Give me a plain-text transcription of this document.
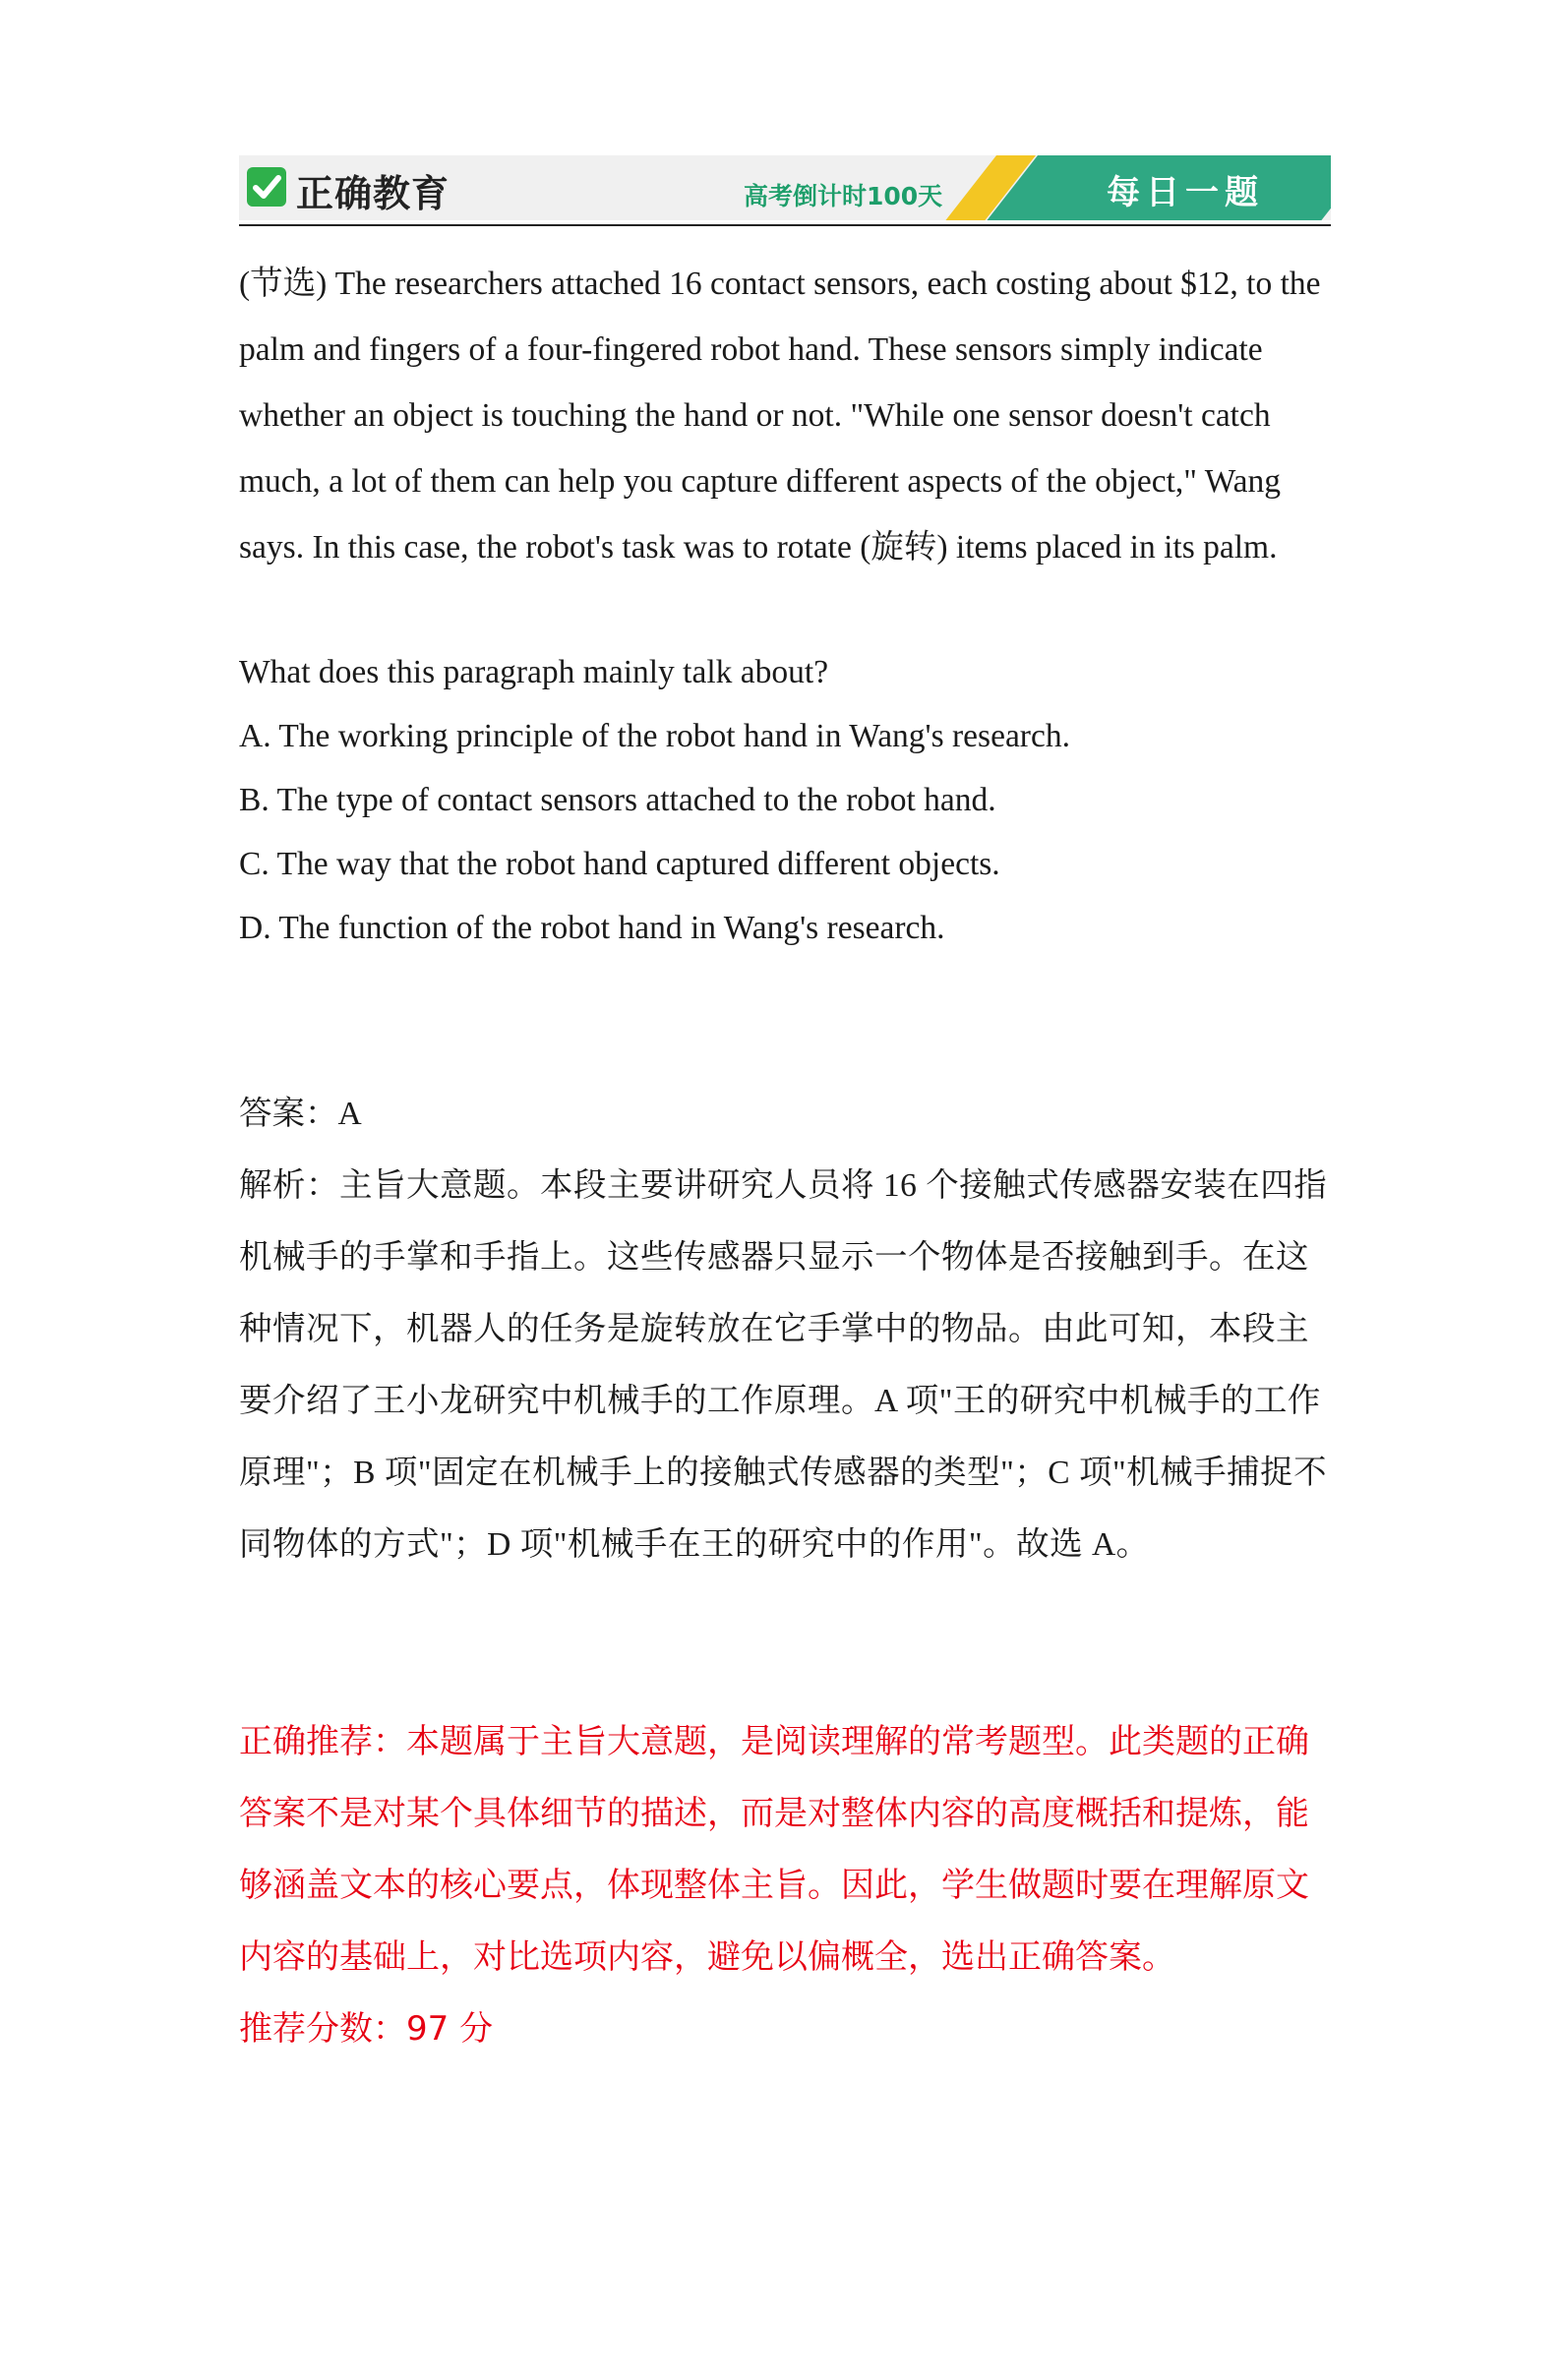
正确教育	高考倒计时100天	每日一题

(节选) The researchers attached 16 contact sensors, each costing about $12, to the palm and fingers of a four-fingered robot hand. These sensors simply indicate whether an object is touching the hand or not. "While one sensor doesn't catch much, a lot of them can help you capture different aspects of the object," Wang says. In this case, the robot's task was to rotate (旋转) items placed in its palm.

What does this paragraph mainly talk about?
A. The working principle of the robot hand in Wang's research.
B. The type of contact sensors attached to the robot hand.
C. The way that the robot hand captured different objects.
D. The function of the robot hand in Wang's research.
答案：A

解析：主旨大意题。本段主要讲研究人员将 16 个接触式传感器安装在四指机械手的手掌和手指上。这些传感器只显示一个物体是否接触到手。在这种情况下，机器人的任务是旋转放在它手掌中的物品。由此可知，本段主要介绍了王小龙研究中机械手的工作原理。A 项"王的研究中机械手的工作原理"；B 项"固定在机械手上的接触式传感器的类型"；C 项"机械手捕捉不同物体的方式"；D 项"机械手在王的研究中的作用"。故选 A。

正确推荐：本题属于主旨大意题，是阅读理解的常考题型。此类题的正确答案不是对某个具体细节的描述，而是对整体内容的高度概括和提炼，能够涵盖文本的核心要点，体现整体主旨。因此，学生做题时要在理解原文内容的基础上，对比选项内容，避免以偏概全，选出正确答案。

推荐分数：97 分
